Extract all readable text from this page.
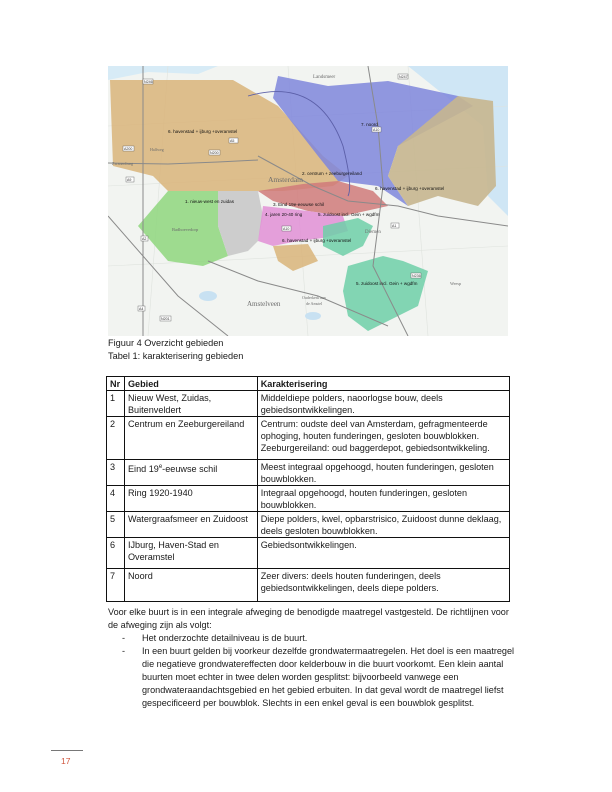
6. havenstad + ijburg +overamstel
7. noord
1. nieuw-west en zuidas
2. centrum + zeeburgereiland
3. Eind 19e-eeuwse schil
4. jaren 20-40 ring	5. zuidoost incl. Gein + wgdfm
6. havenstad + ijburg +overamstel
6. havenstad + ijburg +overamstel
5. zuidoost incl. Gein + wgdfm
Landsmeer
Amsterdam
Zwanenburg
Badhoevedorp
Diemen
Amstelveen
Ouderkerk aan
de Amstel
Weesp
Halfweg
N246
N247
A10
A5
A200
N200
A9
A10
A1
N236
A2
A4
N201
Figuur 4 Overzicht gebieden
Tabel 1: karakterisering gebieden
Nr	Gebied	Karakterisering
1	Nieuw West, Zuidas, Buitenveldert	Middeldiepe polders, naoorlogse bouw, deels gebiedsontwikkelingen.
2	Centrum en Zeeburgereiland	Centrum: oudste deel van Amsterdam, gefragmenteerde ophoging, houten funderingen, gesloten bouwblokken. Zeeburgereiland: oud baggerdepot, gebiedsontwikkeling.
3	Eind 19e-eeuwse schil	Meest integraal opgehoogd, houten funderingen, gesloten bouwblokken.
4	Ring 1920-1940	Integraal opgehoogd, houten funderingen, gesloten bouwblokken.
5	Watergraafsmeer en Zuidoost	Diepe polders, kwel, opbarstrisico, Zuidoost dunne deklaag, deels gesloten bouwblokken.
6	IJburg, Haven-Stad en Overamstel	Gebiedsontwikkelingen.
7	Noord	Zeer divers: deels houten funderingen, deels gebiedsontwikkelingen, deels diepe polders.

Voor elke buurt is in een integrale afweging de benodigde maatregel vastgesteld. De richtlijnen voor de afweging zijn als volgt:

- Het onderzochte detailniveau is de buurt.
- In een buurt gelden bij voorkeur dezelfde grondwatermaatregelen. Het doel is een maatregel die negatieve grondwatereffecten door kelderbouw in die buurt voorkomt. Een klein aantal buurten moet echter in twee delen worden gesplitst: bijvoorbeeld vanwege een grondwateraandachtsgebied en het gebied erbuiten. In dat geval wordt de maatregel liefst gespecificeerd per bouwblok. Slechts in een enkel geval is een bouwblok gesplitst.
17
